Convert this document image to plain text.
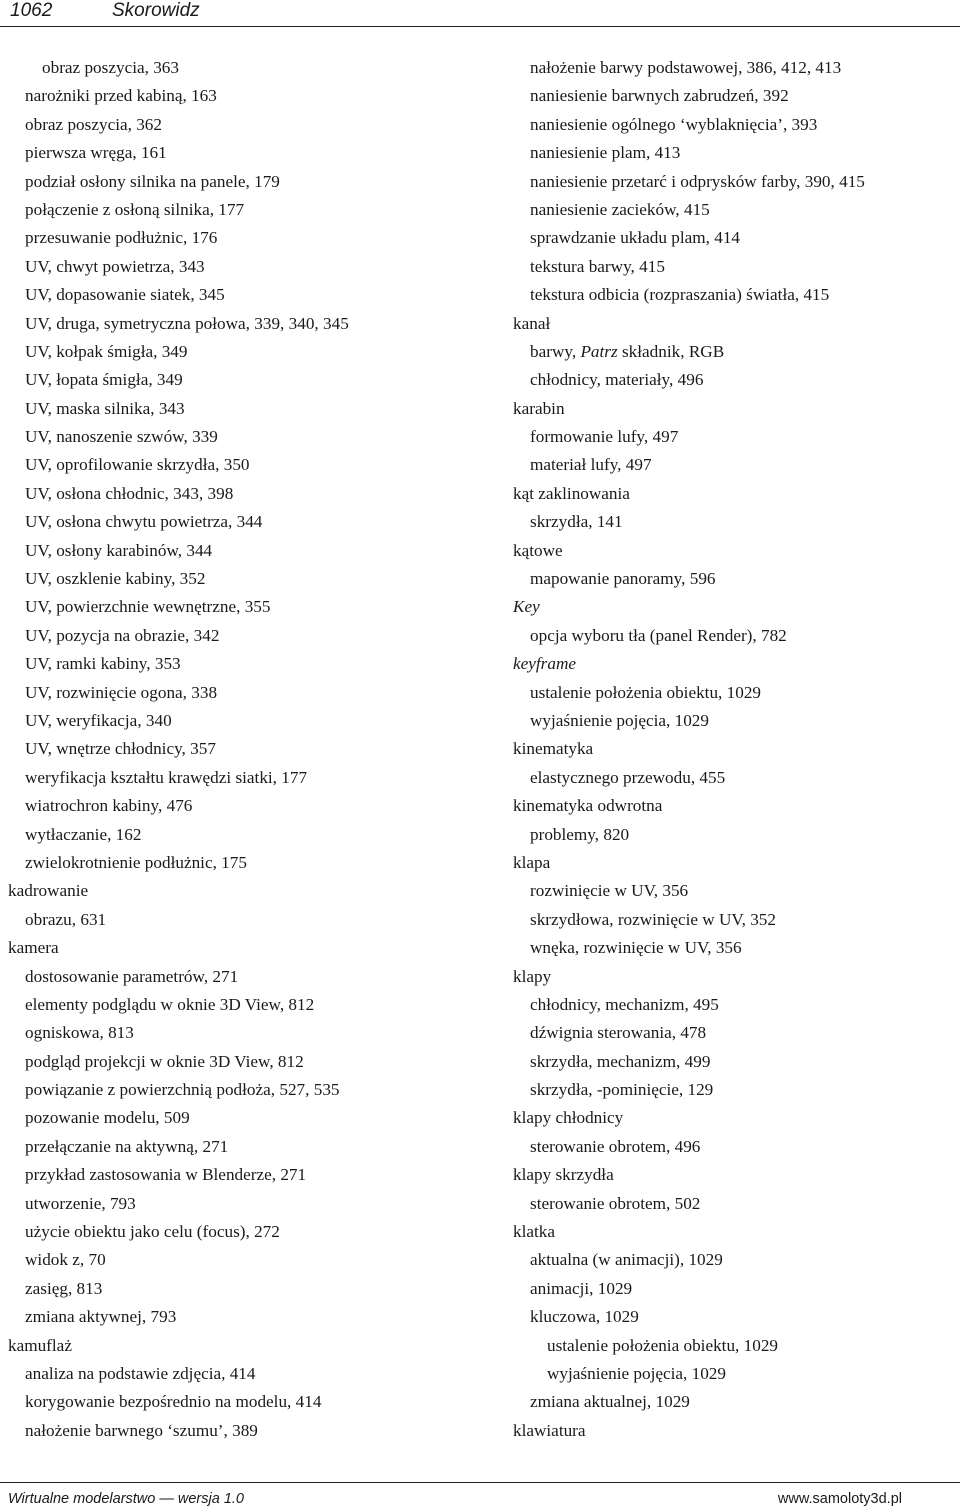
1062	Skorowidz
obraz poszycia, 363
narożniki przed kabiną, 163
obraz poszycia, 362
pierwsza wręga, 161
podział osłony silnika na panele, 179
połączenie z osłoną silnika, 177
przesuwanie podłużnic, 176
UV, chwyt powietrza, 343
UV, dopasowanie siatek, 345
UV, druga, symetryczna połowa, 339, 340, 345
UV, kołpak śmigła, 349
UV, łopata śmigła, 349
UV, maska silnika, 343
UV, nanoszenie szwów, 339
UV, oprofilowanie skrzydła, 350
UV, osłona chłodnic, 343, 398
UV, osłona chwytu powietrza, 344
UV, osłony karabinów, 344
UV, oszklenie kabiny, 352
UV, powierzchnie wewnętrzne, 355
UV, pozycja na obrazie, 342
UV, ramki kabiny, 353
UV, rozwinięcie ogona, 338
UV, weryfikacja, 340
UV, wnętrze chłodnicy, 357
weryfikacja kształtu krawędzi siatki, 177
wiatrochron kabiny, 476
wytłaczanie, 162
zwielokrotnienie podłużnic, 175
kadrowanie
obrazu, 631
kamera
dostosowanie parametrów, 271
elementy podglądu w oknie 3D View, 812
ogniskowa, 813
podgląd projekcji w oknie 3D View, 812
powiązanie z powierzchnią podłoża, 527, 535
pozowanie modelu, 509
przełączanie na aktywną, 271
przykład zastosowania w Blenderze, 271
utworzenie, 793
użycie obiektu jako celu (focus), 272
widok z, 70
zasięg, 813
zmiana aktywnej, 793
kamuflaż
analiza na podstawie zdjęcia, 414
korygowanie bezpośrednio na modelu, 414
nałożenie barwnego ‘szumu’, 389
nałożenie barwy podstawowej, 386, 412, 413
naniesienie barwnych zabrudzeń, 392
naniesienie ogólnego ‘wyblaknięcia’, 393
naniesienie plam, 413
naniesienie przetarć i odprysków farby, 390, 415
naniesienie zacieków, 415
sprawdzanie układu plam, 414
tekstura barwy, 415
tekstura odbicia (rozpraszania) światła, 415
kanał
barwy, Patrz składnik, RGB
chłodnicy, materiały, 496
karabin
formowanie lufy, 497
materiał lufy, 497
kąt zaklinowania
skrzydła, 141
kątowe
mapowanie panoramy, 596
Key
opcja wyboru tła (panel Render), 782
keyframe
ustalenie położenia obiektu, 1029
wyjaśnienie pojęcia, 1029
kinematyka
elastycznego przewodu, 455
kinematyka odwrotna
problemy, 820
klapa
rozwinięcie w UV, 356
skrzydłowa, rozwinięcie w UV, 352
wnęka, rozwinięcie w UV, 356
klapy
chłodnicy, mechanizm, 495
dźwignia sterowania, 478
skrzydła, mechanizm, 499
skrzydła, -pominięcie, 129
klapy chłodnicy
sterowanie obrotem, 496
klapy skrzydła
sterowanie obrotem, 502
klatka
aktualna (w animacji), 1029
animacji, 1029
kluczowa, 1029
ustalenie położenia obiektu, 1029
wyjaśnienie pojęcia, 1029
zmiana aktualnej, 1029
klawiatura
Wirtualne modelarstwo — wersja 1.0	www.samoloty3d.pl
